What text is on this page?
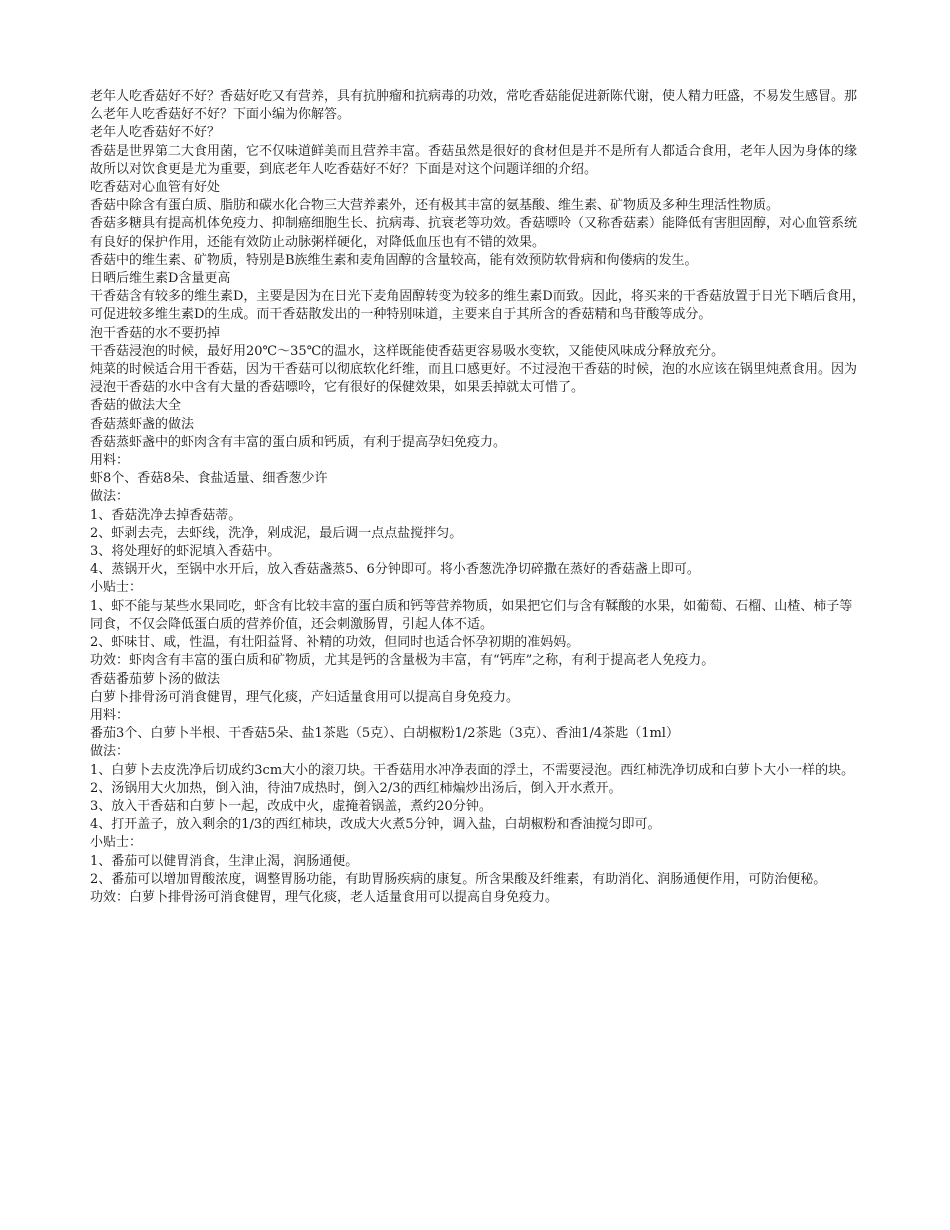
老年人吃香菇好不好？香菇好吃又有营养，具有抗肿瘤和抗病毒的功效，常吃香菇能促进新陈代谢，使人精力旺盛，不易发生感冒。那么老年人吃香菇好不好？下面小编为你解答。

老年人吃香菇好不好？

香菇是世界第二大食用菌，它不仅味道鲜美而且营养丰富。香菇虽然是很好的食材但是并不是所有人都适合食用，老年人因为身体的缘故所以对饮食更是尤为重要，到底老年人吃香菇好不好？下面是对这个问题详细的介绍。

吃香菇对心血管有好处

香菇中除含有蛋白质、脂肪和碳水化合物三大营养素外，还有极其丰富的氨基酸、维生素、矿物质及多种生理活性物质。

香菇多糖具有提高机体免疫力、抑制癌细胞生长、抗病毒、抗衰老等功效。香菇嘌呤（又称香菇素）能降低有害胆固醇，对心血管系统有良好的保护作用，还能有效防止动脉粥样硬化，对降低血压也有不错的效果。

香菇中的维生素、矿物质，特别是B族维生素和麦角固醇的含量较高，能有效预防软骨病和佝偻病的发生。

日晒后维生素D含量更高

干香菇含有较多的维生素D，主要是因为在日光下麦角固醇转变为较多的维生素D而致。因此，将买来的干香菇放置于日光下晒后食用，可促进较多维生素D的生成。而干香菇散发出的一种特别味道，主要来自于其所含的香菇精和鸟苷酸等成分。

泡干香菇的水不要扔掉

干香菇浸泡的时候，最好用20℃～35℃的温水，这样既能使香菇更容易吸水变软，又能使风味成分释放充分。

炖菜的时候适合用干香菇，因为干香菇可以彻底软化纤维，而且口感更好。不过浸泡干香菇的时候，泡的水应该在锅里炖煮食用。因为浸泡干香菇的水中含有大量的香菇嘌呤，它有很好的保健效果，如果丢掉就太可惜了。

香菇的做法大全

香菇蒸虾盏的做法

香菇蒸虾盏中的虾肉含有丰富的蛋白质和钙质，有利于提高孕妇免疫力。

用料：

虾8个、香菇8朵、食盐适量、细香葱少许

做法：

1、香菇洗净去掉香菇蒂。

2、虾剥去壳，去虾线，洗净，剁成泥，最后调一点点盐搅拌匀。

3、将处理好的虾泥填入香菇中。

4、蒸锅开火，至锅中水开后，放入香菇盏蒸5、6分钟即可。将小香葱洗净切碎撒在蒸好的香菇盏上即可。

小贴士：

1、虾不能与某些水果同吃，虾含有比较丰富的蛋白质和钙等营养物质，如果把它们与含有鞣酸的水果，如葡萄、石榴、山楂、柿子等同食，不仅会降低蛋白质的营养价值，还会刺激肠胃，引起人体不适。

2、虾味甘、咸，性温，有壮阳益肾、补精的功效，但同时也适合怀孕初期的准妈妈。

功效：虾肉含有丰富的蛋白质和矿物质，尤其是钙的含量极为丰富，有“钙库”之称，有利于提高老人免疫力。

香菇番茄萝卜汤的做法

白萝卜排骨汤可消食健胃，理气化痰，产妇适量食用可以提高自身免疫力。

用料：

番茄3个、白萝卜半根、干香菇5朵、盐1茶匙（5克）、白胡椒粉1/2茶匙（3克）、香油1/4茶匙（1ml）

做法：

1、白萝卜去皮洗净后切成约3cm大小的滚刀块。干香菇用水冲净表面的浮土，不需要浸泡。西红柿洗净切成和白萝卜大小一样的块。

2、汤锅用大火加热，倒入油，待油7成热时，倒入2/3的西红柿煸炒出汤后，倒入开水煮开。

3、放入干香菇和白萝卜一起，改成中火，虚掩着锅盖，煮约20分钟。

4、打开盖子，放入剩余的1/3的西红柿块，改成大火煮5分钟，调入盐，白胡椒粉和香油搅匀即可。

小贴士：

1、番茄可以健胃消食，生津止渴，润肠通便。

2、番茄可以增加胃酸浓度，调整胃肠功能，有助胃肠疾病的康复。所含果酸及纤维素，有助消化、润肠通便作用，可防治便秘。

功效：白萝卜排骨汤可消食健胃，理气化痰，老人适量食用可以提高自身免疫力。
